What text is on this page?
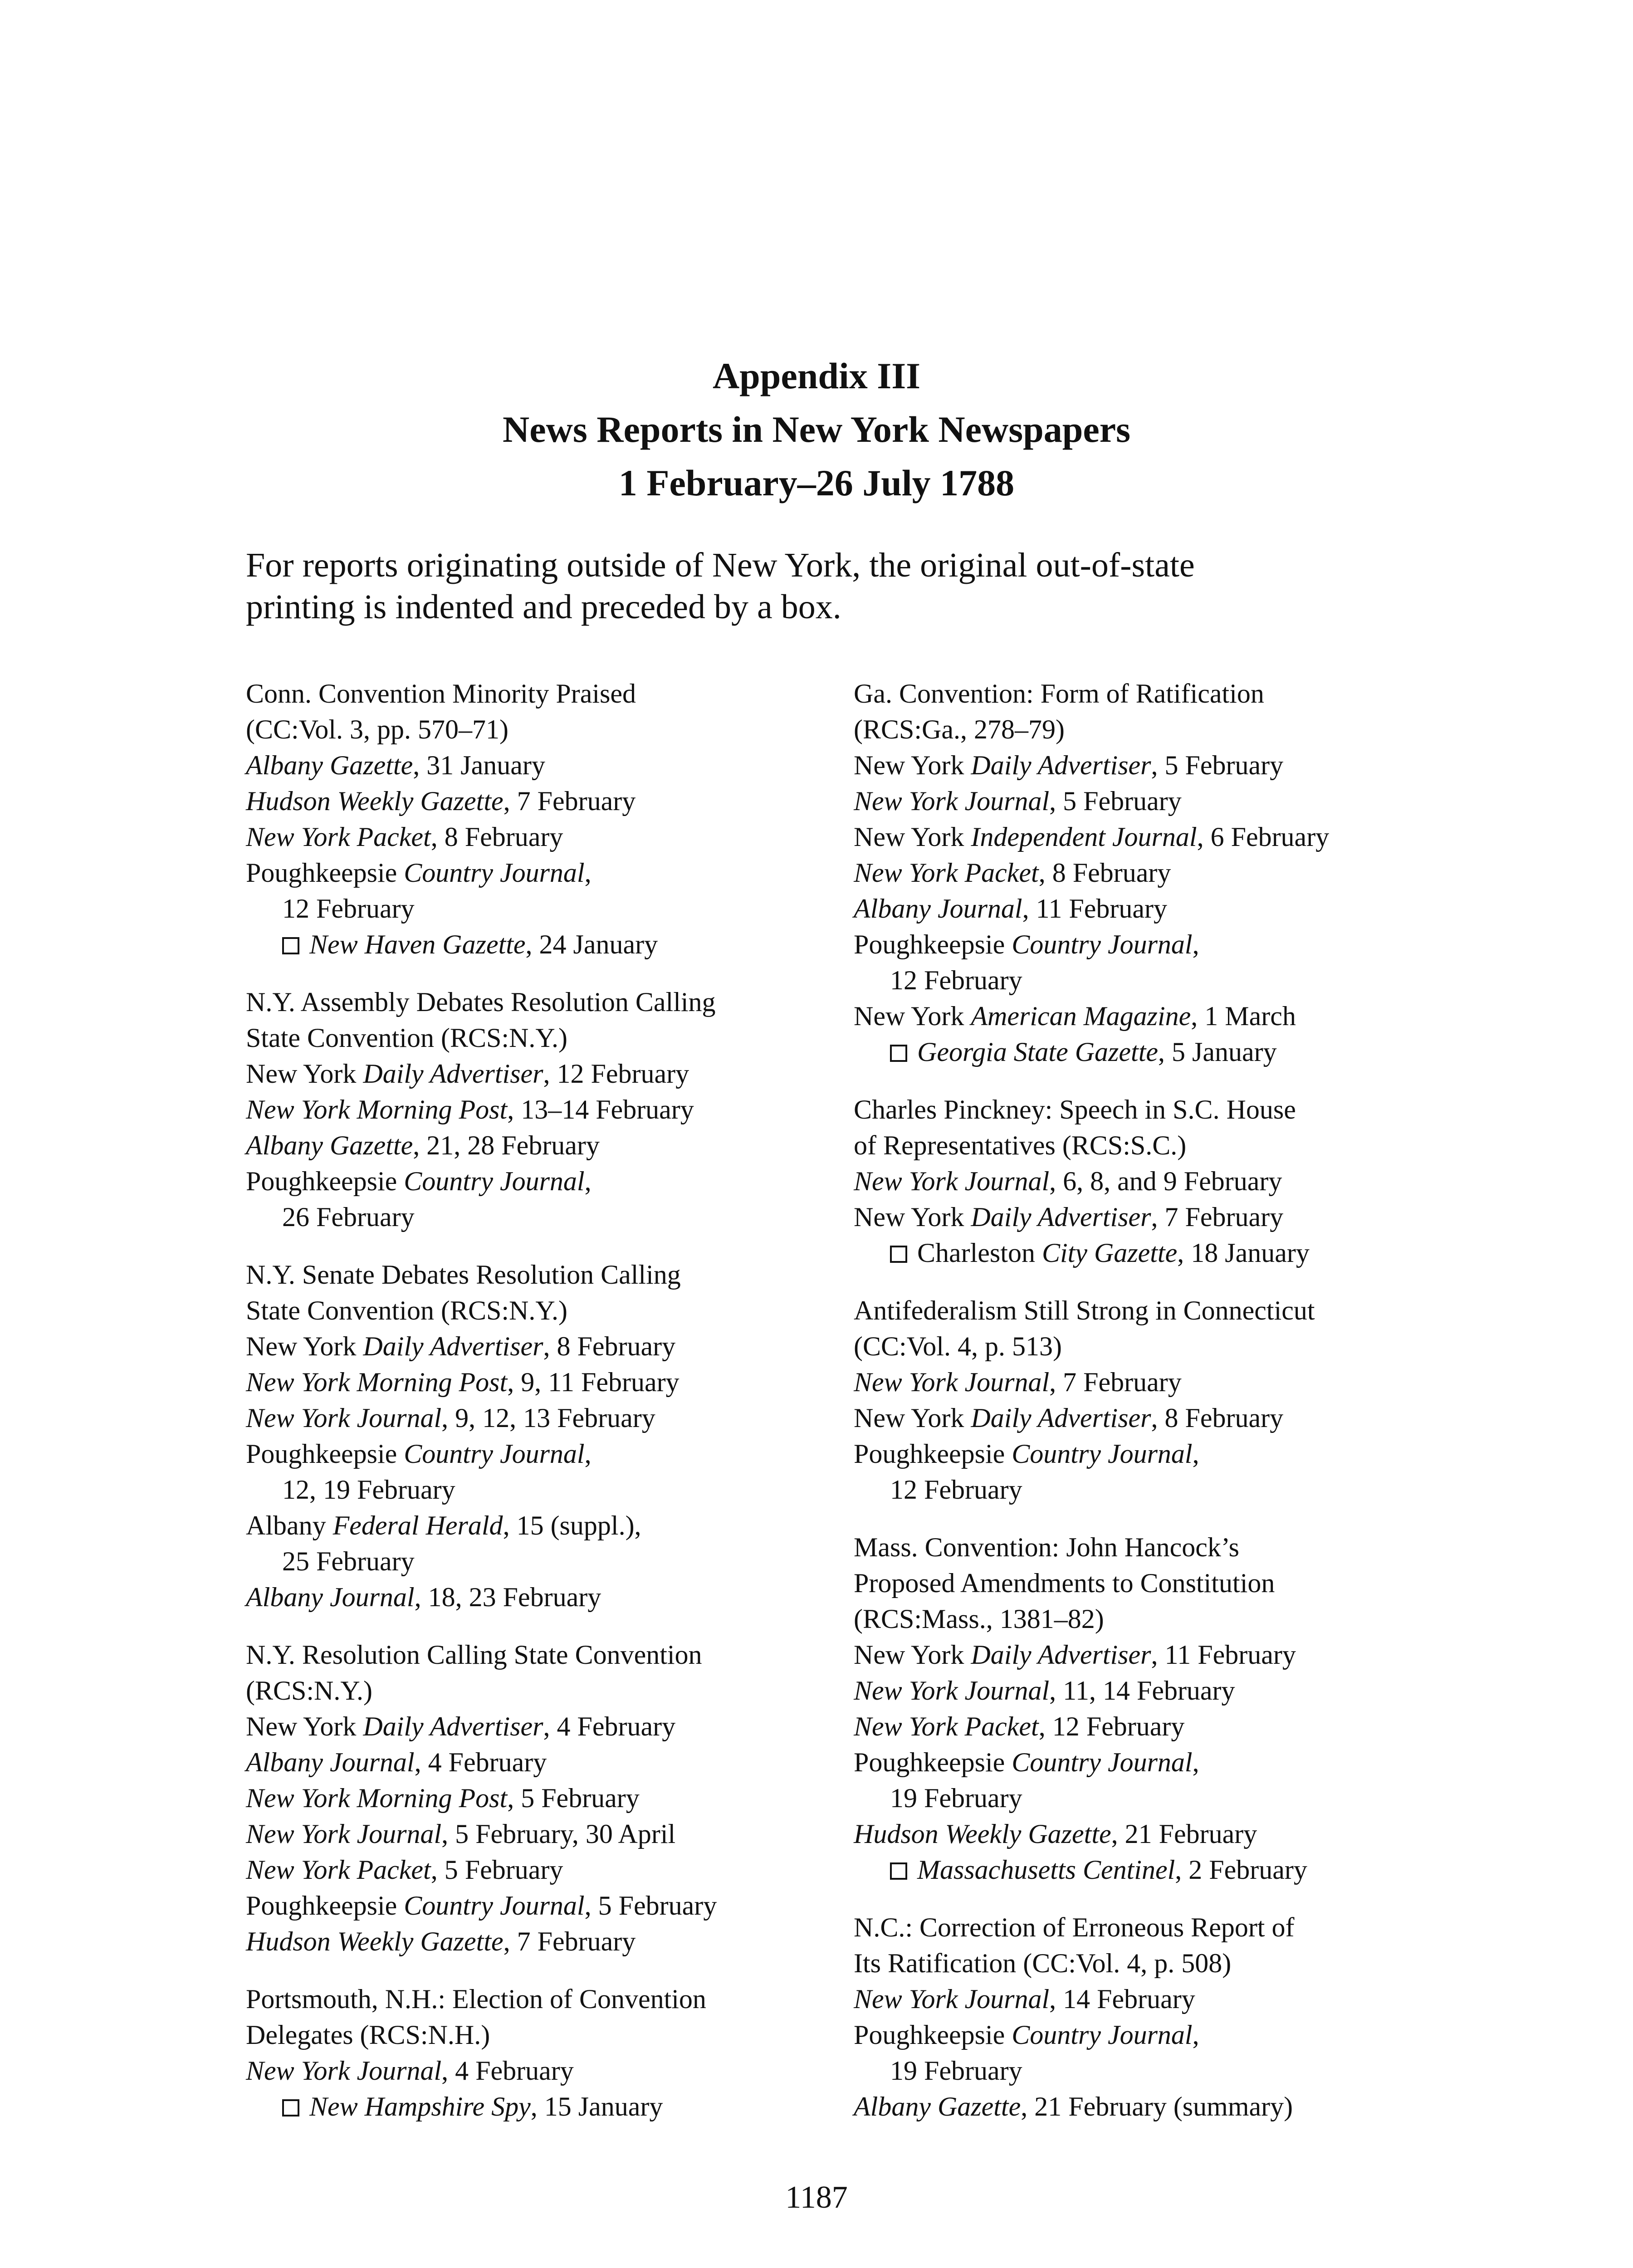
Appendix III
News Reports in New York Newspapers
1 February–26 July 1788

For reports originating outside of New York, the original out-of-state

printing is indented and preceded by a box.

Conn. Convention Minority Praised
(CC:Vol. 3, pp. 570–71)
Albany Gazette, 31 January
Hudson Weekly Gazette, 7 February
New York Packet, 8 February
Poughkeepsie Country Journal,
12 February
New Haven Gazette, 24 January
N.Y. Assembly Debates Resolution Calling
State Convention (RCS:N.Y.)
New York Daily Advertiser, 12 February
New York Morning Post, 13–14 February
Albany Gazette, 21, 28 February
Poughkeepsie Country Journal,
26 February
N.Y. Senate Debates Resolution Calling
State Convention (RCS:N.Y.)
New York Daily Advertiser, 8 February
New York Morning Post, 9, 11 February
New York Journal, 9, 12, 13 February
Poughkeepsie Country Journal,
12, 19 February
Albany Federal Herald, 15 (suppl.),
25 February
Albany Journal, 18, 23 February
N.Y. Resolution Calling State Convention
(RCS:N.Y.)
New York Daily Advertiser, 4 February
Albany Journal, 4 February
New York Morning Post, 5 February
New York Journal, 5 February, 30 April
New York Packet, 5 February
Poughkeepsie Country Journal, 5 February
Hudson Weekly Gazette, 7 February
Portsmouth, N.H.: Election of Convention
Delegates (RCS:N.H.)
New York Journal, 4 February
New Hampshire Spy, 15 January
Ga. Convention: Form of Ratification
(RCS:Ga., 278–79)
New York Daily Advertiser, 5 February
New York Journal, 5 February
New York Independent Journal, 6 February
New York Packet, 8 February
Albany Journal, 11 February
Poughkeepsie Country Journal,
12 February
New York American Magazine, 1 March
Georgia State Gazette, 5 January
Charles Pinckney: Speech in S.C. House
of Representatives (RCS:S.C.)
New York Journal, 6, 8, and 9 February
New York Daily Advertiser, 7 February
Charleston City Gazette, 18 January
Antifederalism Still Strong in Connecticut
(CC:Vol. 4, p. 513)
New York Journal, 7 February
New York Daily Advertiser, 8 February
Poughkeepsie Country Journal,
12 February
Mass. Convention: John Hancock’s
Proposed Amendments to Constitution
(RCS:Mass., 1381–82)
New York Daily Advertiser, 11 February
New York Journal, 11, 14 February
New York Packet, 12 February
Poughkeepsie Country Journal,
19 February
Hudson Weekly Gazette, 21 February
Massachusetts Centinel, 2 February
N.C.: Correction of Erroneous Report of
Its Ratification (CC:Vol. 4, p. 508)
New York Journal, 14 February
Poughkeepsie Country Journal,
19 February
Albany Gazette, 21 February (summary)
1187
